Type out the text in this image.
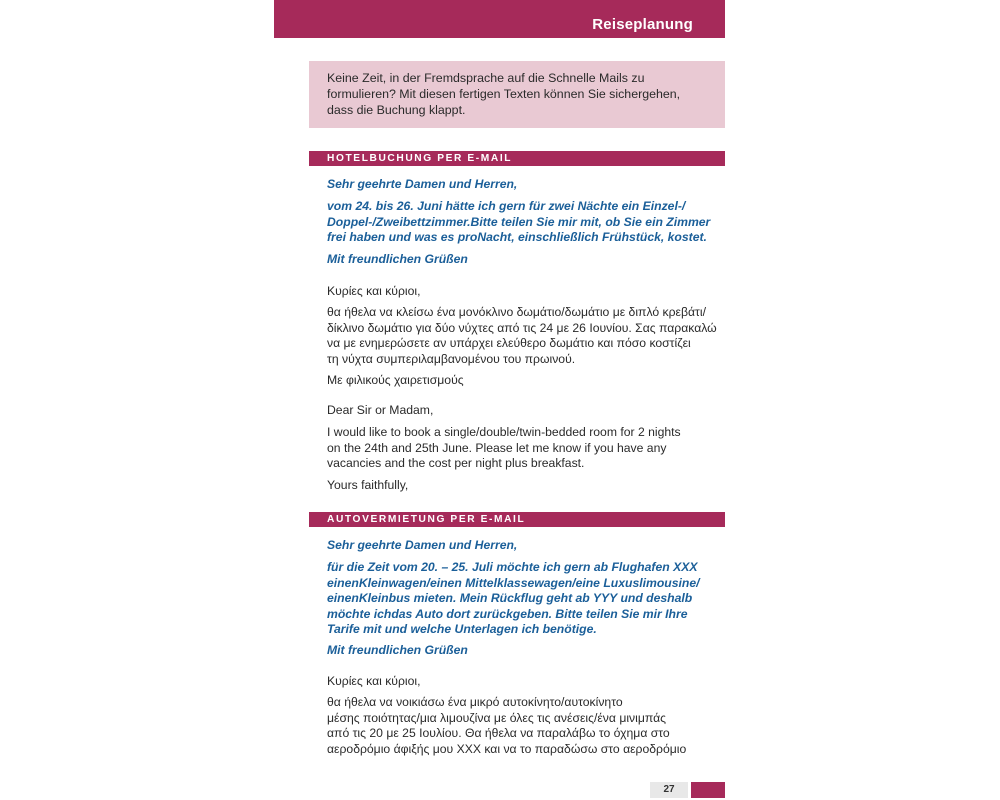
Reiseplanung
Keine Zeit, in der Fremdsprache auf die Schnelle Mails zu
formulieren? Mit diesen fertigen Texten können Sie sichergehen,
dass die Buchung klappt.
HOTELBUCHUNG PER E-MAIL

Sehr geehrte Damen und Herren,

vom 24. bis 26. Juni hätte ich gern für zwei Nächte ein Einzel-/
Doppel-/Zweibettzimmer.Bitte teilen Sie mir mit, ob Sie ein Zimmer
frei haben und was es proNacht, einschließlich Frühstück, kostet.

Mit freundlichen Grüßen

Κυρίες και κύριοι,

θα ήθελα να κλείσω ένα μονόκλινο δωμάτιο/δωμάτιο με διπλό κρεβάτι/
δίκλινο δωμάτιο για δύο νύχτες από τις 24 με 26 Ιουνίου. Σας παρακαλώ
να με ενημερώσετε αν υπάρχει ελεύθερο δωμάτιο και πόσο κοστίζει
τη νύχτα συμπεριλαμβανομένου του πρωινού.

Με φιλικούς χαιρετισμούς

Dear Sir or Madam,

I would like to book a single/double/twin-bedded room for 2 nights
on the 24th and 25th June. Please let me know if you have any
vacancies and the cost per night plus breakfast.

Yours faithfully,

AUTOVERMIETUNG PER E-MAIL

Sehr geehrte Damen und Herren,

für die Zeit vom 20. – 25. Juli möchte ich gern ab Flughafen XXX
einenKleinwagen/einen Mittelklassewagen/eine Luxuslimousine/
einenKleinbus mieten. Mein Rückflug geht ab YYY und deshalb
möchte ichdas Auto dort zurückgeben. Bitte teilen Sie mir Ihre
Tarife mit und welche Unterlagen ich benötige.

Mit freundlichen Grüßen

Κυρίες και κύριοι,

θα ήθελα να νοικιάσω ένα μικρό αυτοκίνητο/αυτοκίνητο
μέσης ποιότητας/μια λιμουζίνα με όλες τις ανέσεις/ένα μινιμπάς
από τις 20 με 25 Ιουλίου. Θα ήθελα να παραλάβω το όχημα στο
αεροδρόμιο άφιξής μου XXX και να το παραδώσω στο αεροδρόμιο
27
